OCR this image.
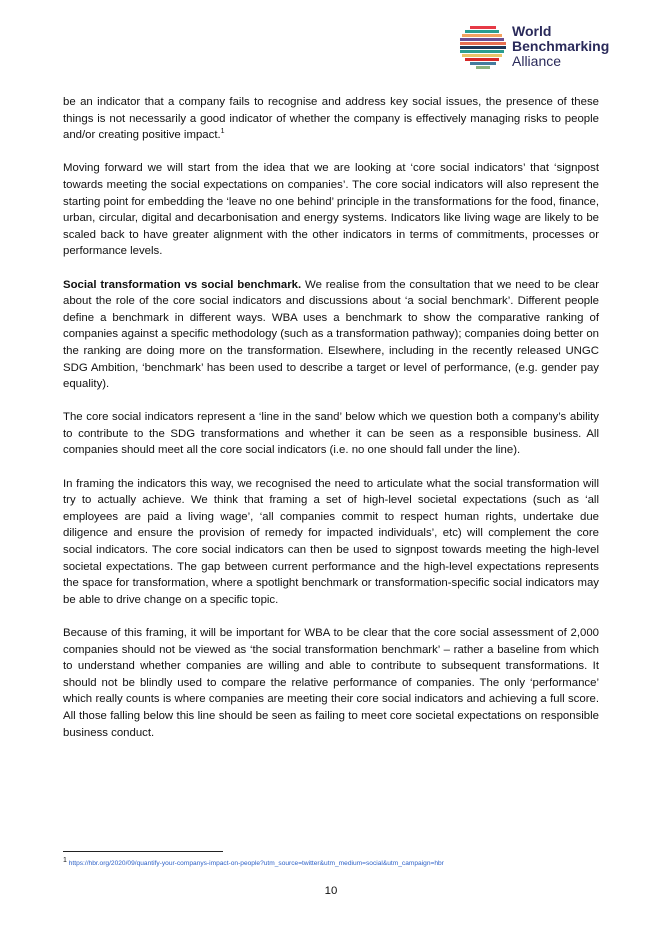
World
Benchmarking
Alliance

be an indicator that a company fails to recognise and address key social issues, the presence of these things is not necessarily a good indicator of whether the company is effectively managing risks to people and/or creating positive impact.$^1$

Moving forward we will start from the idea that we are looking at ‘core social indicators’ that ‘signpost towards meeting the social expectations on companies’. The core social indicators will also represent the starting point for embedding the ‘leave no one behind’ principle in the transformations for the food, finance, urban, circular, digital and decarbonisation and energy systems. Indicators like living wage are likely to be scaled back to have greater alignment with the other indicators in terms of commitments, processes or performance levels.

Social transformation vs social benchmark. We realise from the consultation that we need to be clear about the role of the core social indicators and discussions about ‘a social benchmark’. Different people define a benchmark in different ways. WBA uses a benchmark to show the comparative ranking of companies against a specific methodology (such as a transformation pathway); companies doing better on the ranking are doing more on the transformation. Elsewhere, including in the recently released UNGC SDG Ambition, ‘benchmark’ has been used to describe a target or level of performance, (e.g. gender pay equality).

The core social indicators represent a ‘line in the sand’ below which we question both a company’s ability to contribute to the SDG transformations and whether it can be seen as a responsible business. All companies should meet all the core social indicators (i.e. no one should fall under the line).

In framing the indicators this way, we recognised the need to articulate what the social transformation will try to actually achieve. We think that framing a set of high-level societal expectations (such as ‘all employees are paid a living wage’, ‘all companies commit to respect human rights, undertake due diligence and ensure the provision of remedy for impacted individuals’, etc) will complement the core social indicators. The core social indicators can then be used to signpost towards meeting the high-level societal expectations. The gap between current performance and the high-level expectations represents the space for transformation, where a spotlight benchmark or transformation-specific social indicators may be able to drive change on a specific topic.

Because of this framing, it will be important for WBA to be clear that the core social assessment of 2,000 companies should not be viewed as ‘the social transformation benchmark’ – rather a baseline from which to understand whether companies are willing and able to contribute to subsequent transformations. It should not be blindly used to compare the relative performance of companies. The only ‘performance’ which really counts is where companies are meeting their core social indicators and achieving a full score. All those falling below this line should be seen as failing to meet core societal expectations on responsible business conduct.

$^1$ https://hbr.org/2020/09/quantify-your-companys-impact-on-people?utm_source=twitter&utm_medium=social&utm_campaign=hbr
10
